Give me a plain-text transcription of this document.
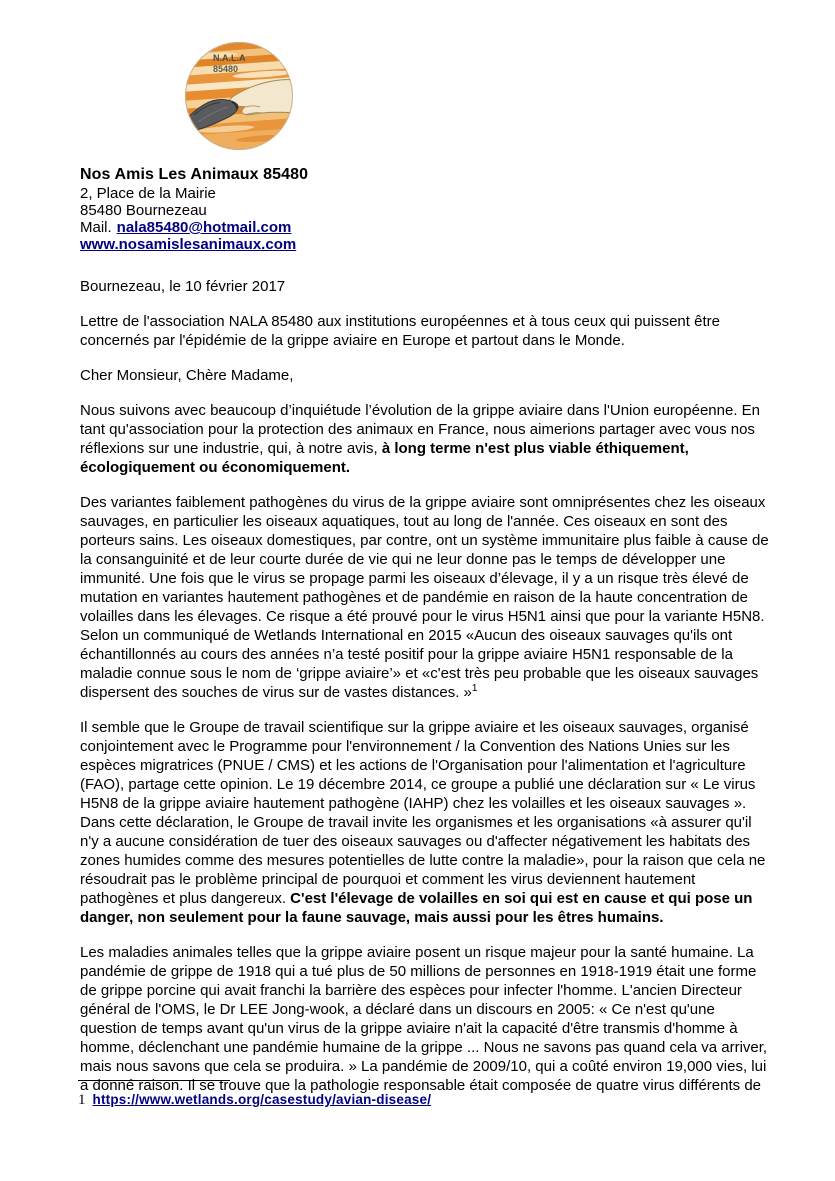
N.A.L.A
85480
Nos Amis Les Animaux 85480
2, Place de la Mairie
85480 Bournezeau
Mail. nala85480@hotmail.com
www.nosamislesanimaux.com
Bournezeau, le 10 février 2017
Lettre de l'association NALA 85480 aux institutions européennes et à tous ceux qui puissent être concernés par l'épidémie de la grippe aviaire en Europe et partout dans le Monde.
Cher Monsieur, Chère Madame,
Nous suivons avec beaucoup d’inquiétude l’évolution de la grippe aviaire dans l'Union européenne. En tant qu'association pour la protection des animaux en France, nous aimerions partager avec vous nos réflexions sur une industrie, qui, à notre avis, à long terme n'est plus viable éthiquement, écologiquement ou économiquement.
Des variantes faiblement pathogènes du virus de la grippe aviaire sont omniprésentes chez les oiseaux sauvages, en particulier les oiseaux aquatiques, tout au long de l'année. Ces oiseaux en sont des porteurs sains. Les oiseaux domestiques, par contre, ont un système immunitaire plus faible à cause de la consanguinité et de leur courte durée de vie qui ne leur donne pas le temps de développer une immunité. Une fois que le virus se propage parmi les oiseaux d’élevage, il y a un risque très élevé de mutation en variantes hautement pathogènes et de pandémie en raison de la haute concentration de volailles dans les élevages. Ce risque a été prouvé pour le virus H5N1 ainsi que pour la variante H5N8. Selon un communiqué de Wetlands International en 2015 «Aucun des oiseaux sauvages qu'ils ont échantillonnés au cours des années n’a testé positif pour la grippe aviaire H5N1 responsable de la maladie connue sous le nom de ‘grippe aviaire’» et «c'est très peu probable que les oiseaux sauvages dispersent des souches de virus sur de vastes distances. »$^1$
Il semble que le Groupe de travail scientifique sur la grippe aviaire et les oiseaux sauvages, organisé conjointement avec le Programme pour l'environnement / la Convention des Nations Unies sur les espèces migratrices (PNUE / CMS) et les actions de l'Organisation pour l'alimentation et l'agriculture (FAO), partage cette opinion. Le 19 décembre 2014, ce groupe a publié une déclaration sur « Le virus H5N8 de la grippe aviaire hautement pathogène (IAHP) chez les volailles et les oiseaux sauvages ». Dans cette déclaration, le Groupe de travail invite les organismes et les organisations «à assurer qu'il n'y a aucune considération de tuer des oiseaux sauvages ou d'affecter négativement les habitats des zones humides comme des mesures potentielles de lutte contre la maladie», pour la raison que cela ne résoudrait pas le problème principal de pourquoi et comment les virus deviennent hautement pathogènes et plus dangereux. C'est l'élevage de volailles en soi qui est en cause et qui pose un danger, non seulement pour la faune sauvage, mais aussi pour les êtres humains.
Les maladies animales telles que la grippe aviaire posent un risque majeur pour la santé humaine. La pandémie de grippe de 1918 qui a tué plus de 50 millions de personnes en 1918-1919 était une forme de grippe porcine qui avait franchi la barrière des espèces pour infecter l'homme. L'ancien Directeur général de l'OMS, le Dr LEE Jong-wook, a déclaré dans un discours en 2005: « Ce n'est qu'une question de temps avant qu'un virus de la grippe aviaire n'ait la capacité d'être transmis d'homme à homme, déclenchant une pandémie humaine de la grippe ... Nous ne savons pas quand cela va arriver, mais nous savons que cela se produira. » La pandémie de 2009/10, qui a coûté environ 19,000 vies, lui a donné raison. Il se trouve que la pathologie responsable était composée de quatre virus différents de
1 https://www.wetlands.org/casestudy/avian-disease/
